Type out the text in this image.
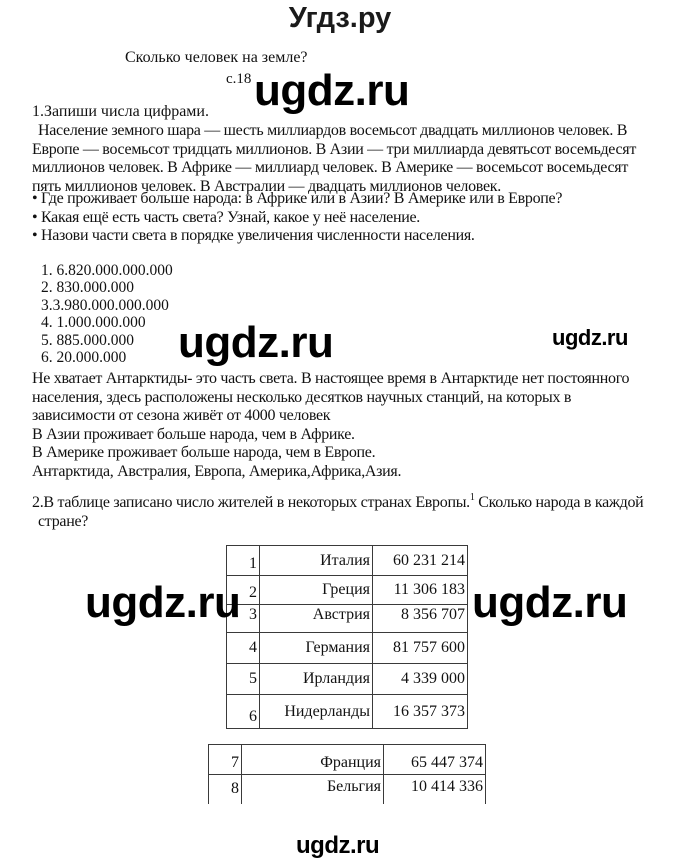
Угдз.ру
Сколько человек на земле?
с.18 ugdz.ru
1.Запиши числа цифрами.
Население земного шара — шесть миллиардов восемьсот двадцать миллионов человек. В
Европе — восемьсот тридцать миллионов. В Азии — три миллиарда девятьсот восемьдесят
миллионов человек. В Африке — миллиард человек. В Америке — восемьсот восемьдесят
пять миллионов человек. В Австралии — двадцать миллионов человек.
• Где проживает больше народа: в Африке или в Азии? В Америке или в Европе?
• Какая ещё есть часть света? Узнай, какое у неё население.
• Назови части света в порядке увеличения численности населения.
1. 6.820.000.000.000
2. 830.000.000
3.3.980.000.000.000
4. 1.000.000.000
5. 885.000.000
6. 20.000.000	ugdz.ru	ugdz.ru
Не хватает Антарктиды- это часть света. В настоящее время в Антарктиде нет постоянного
населения, здесь расположены несколько десятков научных станций, на которых в
зависимости от сезона живёт от 4000 человек
В Азии проживает больше народа, чем в Африке.
В Америке проживает больше народа, чем в Европе.
Антарктида, Австралия, Европа, Америка,Африка,Азия.
2.В таблице записано число жителей в некоторых странах Европы.$^1$ Сколько народа в каждой
стране?
1	Италия	60 231 214
2	Греция	11 306 183
3	Австрия	8 356 707
4	Германия	81 757 600
5	Ирландия	4 339 000
6	Нидерланды	16 357 373
ugdz.ru	ugdz.ru
7	Франция	65 447 374
8	Бельгия	10 414 336
ugdz.ru
